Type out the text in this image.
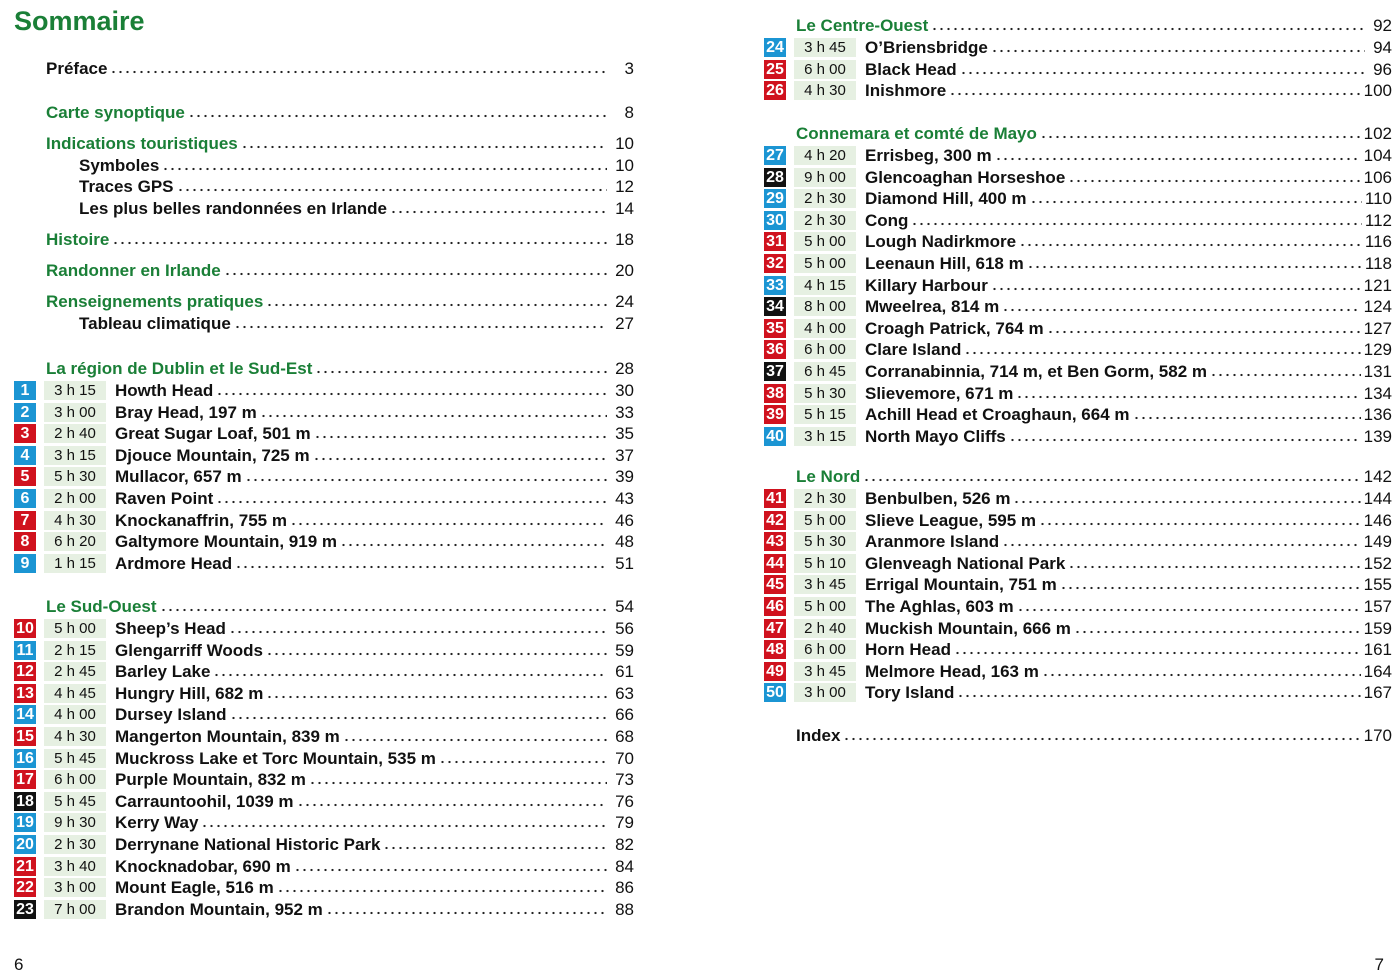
Sommaire
Préface	3
Carte synoptique	8
Indications touristiques	10
Symboles	10
Traces GPS	12
Les plus belles randonnées en Irlande	14
Histoire	18
Randonner en Irlande	20
Renseignements pratiques	24
Tableau climatique	27
La région de Dublin et le Sud-Est	28
1	3 h 15	Howth Head	30
2	3 h 00	Bray Head, 197 m	33
3	2 h 40	Great Sugar Loaf, 501 m	35
4	3 h 15	Djouce Mountain, 725 m	37
5	5 h 30	Mullacor, 657 m	39
6	2 h 00	Raven Point	43
7	4 h 30	Knockanaffrin, 755 m	46
8	6 h 20	Galtymore Mountain, 919 m	48
9	1 h 15	Ardmore Head	51
Le Sud-Ouest	54
10	5 h 00	Sheep’s Head	56
11	2 h 15	Glengarriff Woods	59
12	2 h 45	Barley Lake	61
13	4 h 45	Hungry Hill, 682 m	63
14	4 h 00	Dursey Island	66
15	4 h 30	Mangerton Mountain, 839 m	68
16	5 h 45	Muckross Lake et Torc Mountain, 535 m	70
17	6 h 00	Purple Mountain, 832 m	73
18	5 h 45	Carrauntoohil, 1039 m	76
19	9 h 30	Kerry Way	79
20	2 h 30	Derrynane National Historic Park	82
21	3 h 40	Knocknadobar, 690 m	84
22	3 h 00	Mount Eagle, 516 m	86
23	7 h 00	Brandon Mountain, 952 m	88
Le Centre-Ouest	92
24	3 h 45	O’Briensbridge	94
25	6 h 00	Black Head	96
26	4 h 30	Inishmore	100
Connemara et comté de Mayo	102
27	4 h 20	Errisbeg, 300 m	104
28	9 h 00	Glencoaghan Horseshoe	106
29	2 h 30	Diamond Hill, 400 m	110
30	2 h 30	Cong	112
31	5 h 00	Lough Nadirkmore	116
32	5 h 00	Leenaun Hill, 618 m	118
33	4 h 15	Killary Harbour	121
34	8 h 00	Mweelrea, 814 m	124
35	4 h 00	Croagh Patrick, 764 m	127
36	6 h 00	Clare Island	129
37	6 h 45	Corranabinnia, 714 m, et Ben Gorm, 582 m	131
38	5 h 30	Slievemore, 671 m	134
39	5 h 15	Achill Head et Croaghaun, 664 m	136
40	3 h 15	North Mayo Cliffs	139
Le Nord	142
41	2 h 30	Benbulben, 526 m	144
42	5 h 00	Slieve League, 595 m	146
43	5 h 30	Aranmore Island	149
44	5 h 10	Glenveagh National Park	152
45	3 h 45	Errigal Mountain, 751 m	155
46	5 h 00	The Aghlas, 603 m	157
47	2 h 40	Muckish Mountain, 666 m	159
48	6 h 00	Horn Head	161
49	3 h 45	Melmore Head, 163 m	164
50	3 h 00	Tory Island	167
Index	170
6	7
